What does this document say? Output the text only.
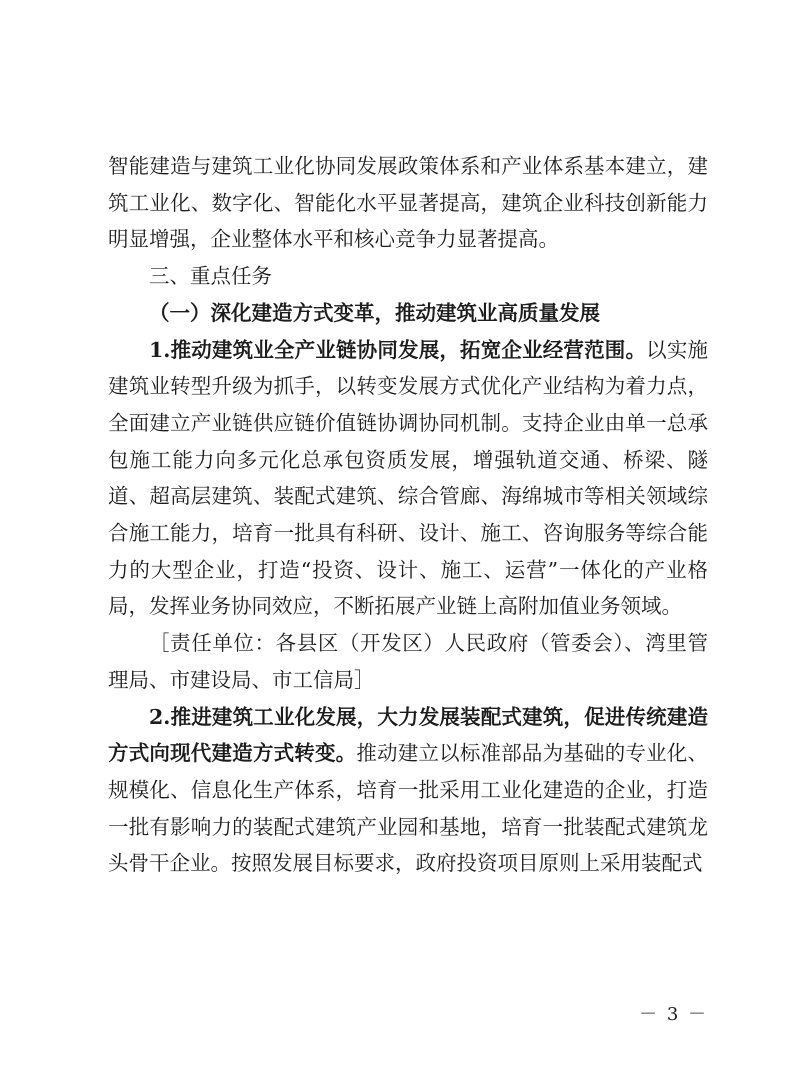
智能建造与建筑工业化协同发展政策体系和产业体系基本建立，建筑工业化、数字化、智能化水平显著提高，建筑企业科技创新能力明显增强，企业整体水平和核心竞争力显著提高。

三、重点任务

（一）深化建造方式变革，推动建筑业高质量发展

1.推动建筑业全产业链协同发展，拓宽企业经营范围。以实施建筑业转型升级为抓手，以转变发展方式优化产业结构为着力点，全面建立产业链供应链价值链协调协同机制。支持企业由单一总承包施工能力向多元化总承包资质发展，增强轨道交通、桥梁、隧道、超高层建筑、装配式建筑、综合管廊、海绵城市等相关领域综合施工能力，培育一批具有科研、设计、施工、咨询服务等综合能力的大型企业，打造“投资、设计、施工、运营”一体化的产业格局，发挥业务协同效应，不断拓展产业链上高附加值业务领域。

［责任单位：各县区（开发区）人民政府（管委会）、湾里管理局、市建设局、市工信局］

2.推进建筑工业化发展，大力发展装配式建筑，促进传统建造方式向现代建造方式转变。推动建立以标准部品为基础的专业化、规模化、信息化生产体系，培育一批采用工业化建造的企业，打造一批有影响力的装配式建筑产业园和基地，培育一批装配式建筑龙头骨干企业。按照发展目标要求，政府投资项目原则上采用装配式

－ 3 －
